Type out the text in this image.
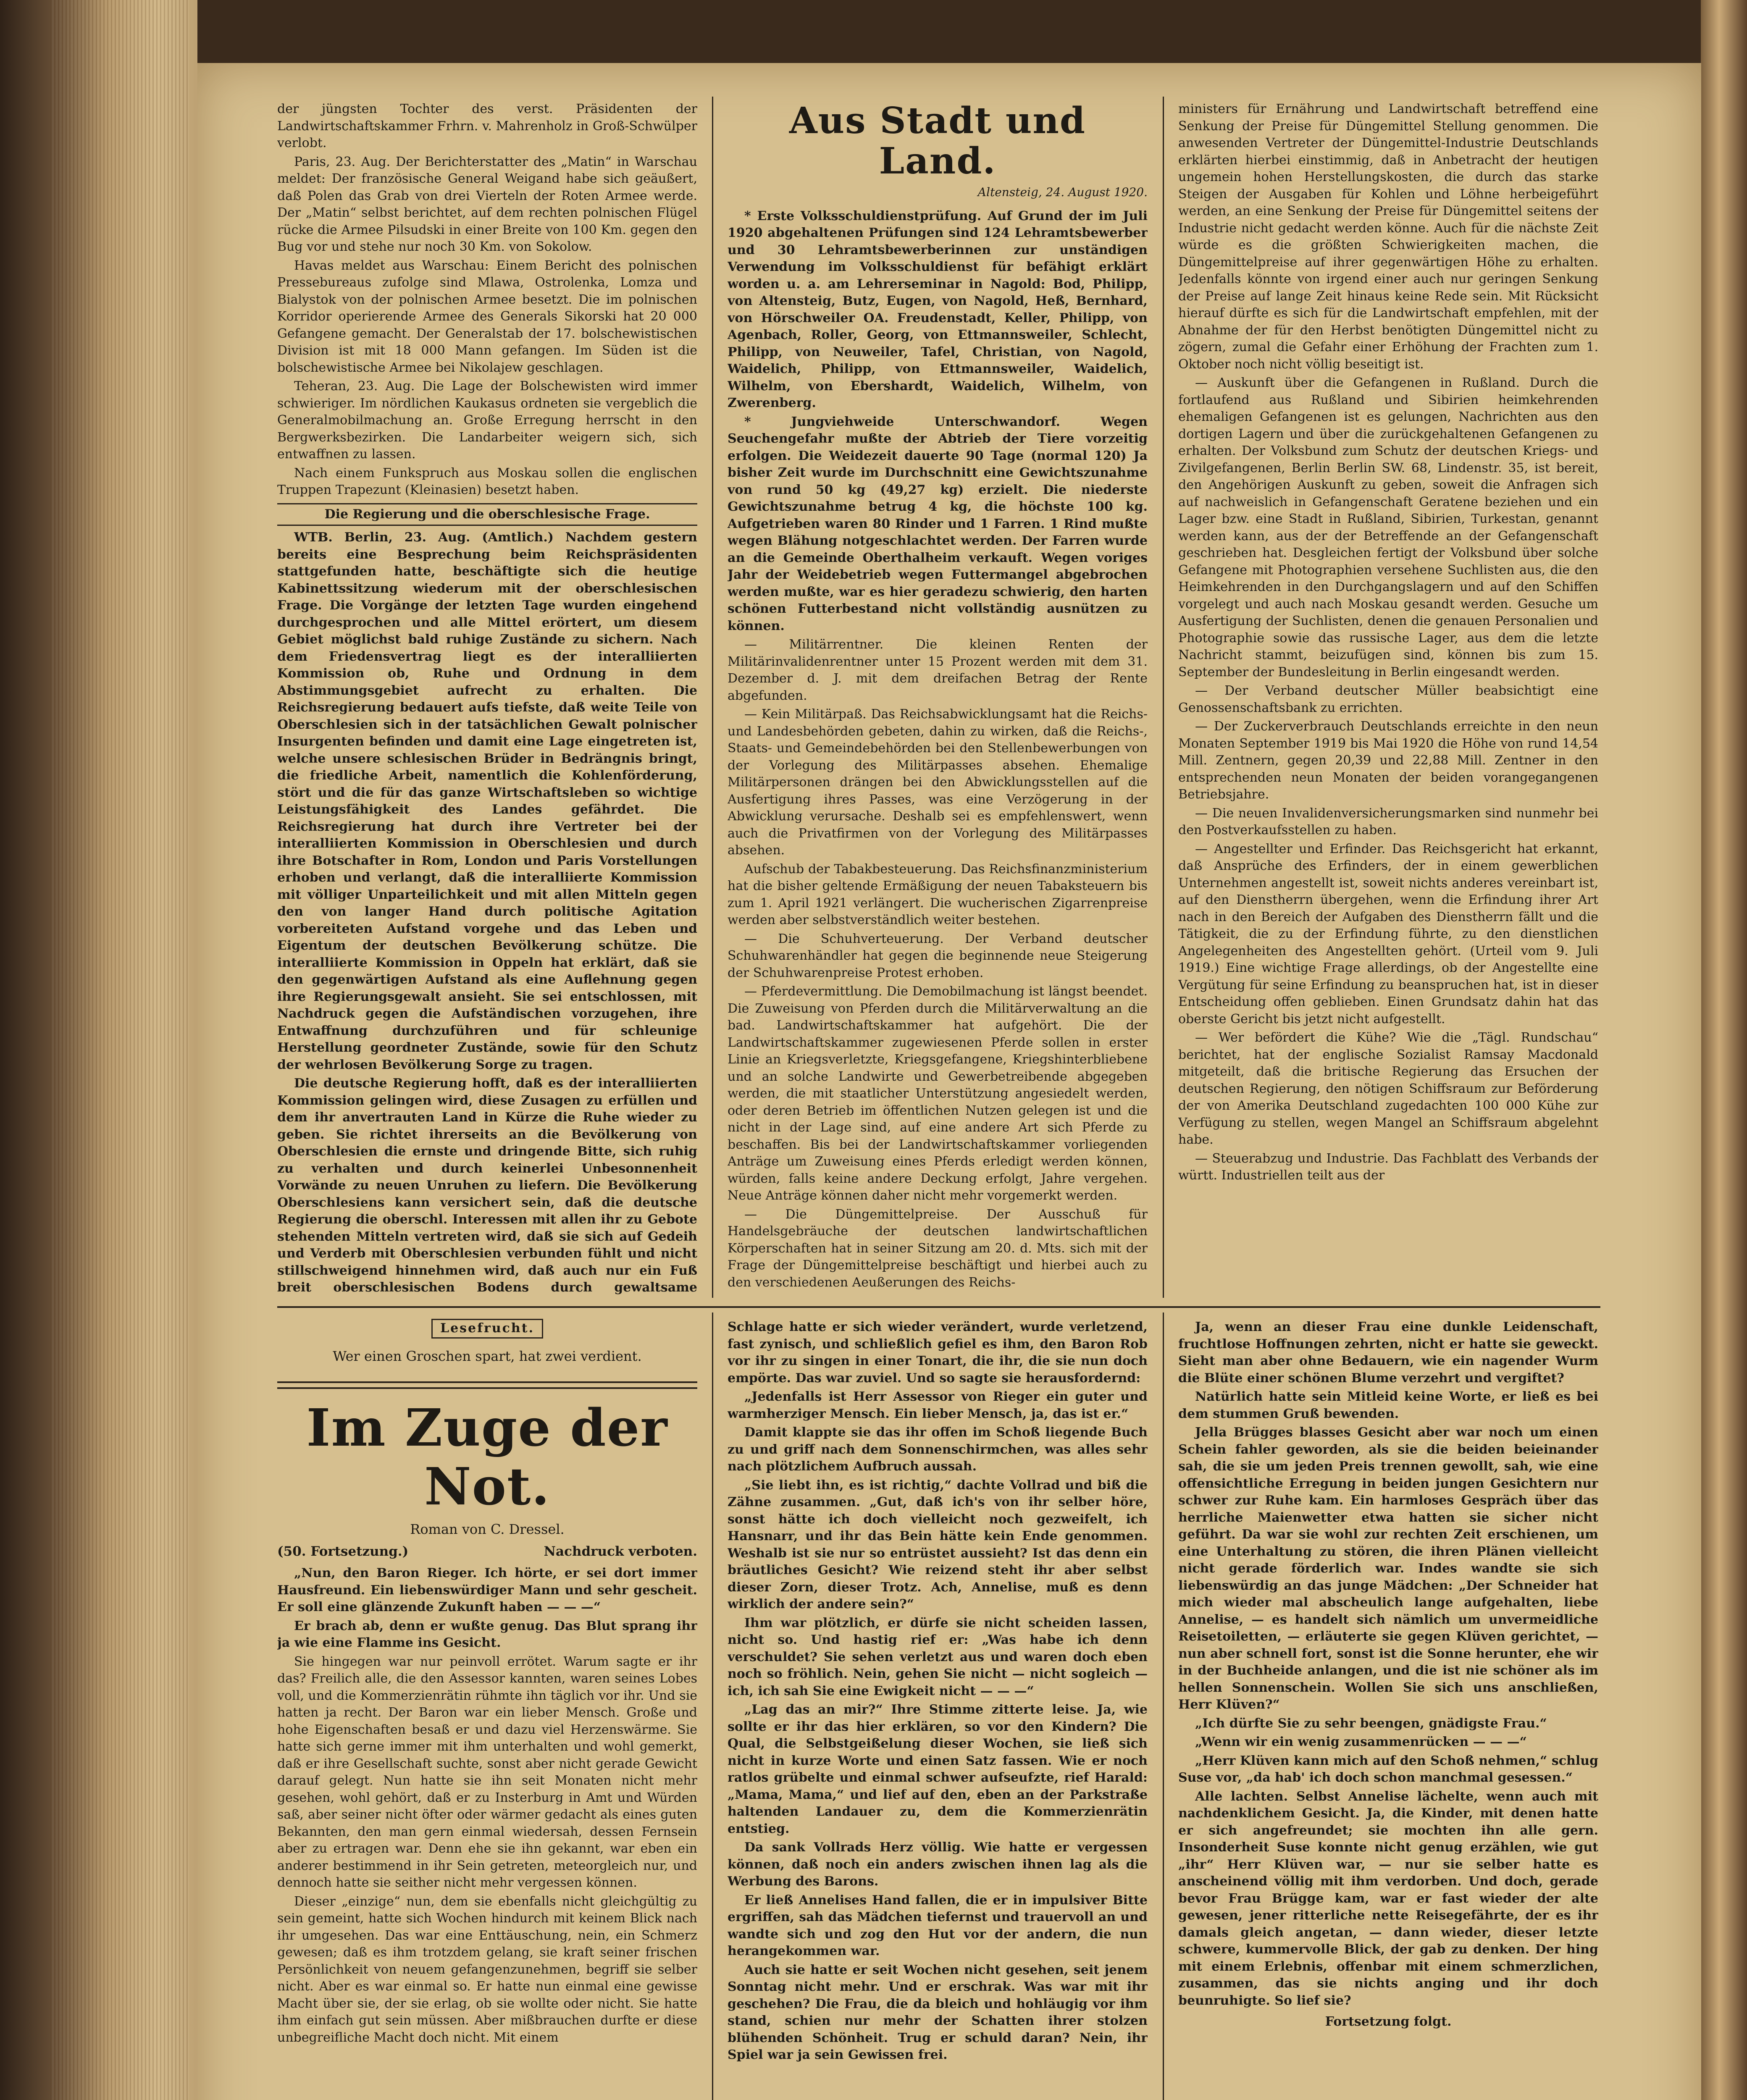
der jüngsten Tochter des verst. Präsidenten der Landwirtschaftskammer Frhrn. v. Mahrenholz in Groß-Schwülper verlobt.

Paris, 23. Aug. Der Berichterstatter des „Matin“ in Warschau meldet: Der französische General Weigand habe sich geäußert, daß Polen das Grab von drei Vierteln der Roten Armee werde. Der „Matin“ selbst berichtet, auf dem rechten polnischen Flügel rücke die Armee Pilsudski in einer Breite von 100 Km. gegen den Bug vor und stehe nur noch 30 Km. von Sokolow.

Havas meldet aus Warschau: Einem Bericht des polnischen Pressebureaus zufolge sind Mlawa, Ostrolenka, Lomza und Bialystok von der polnischen Armee besetzt. Die im polnischen Korridor operierende Armee des Generals Sikorski hat 20 000 Gefangene gemacht. Der Generalstab der 17. bolschewistischen Division ist mit 18 000 Mann gefangen. Im Süden ist die bolschewistische Armee bei Nikolajew geschlagen.

Teheran, 23. Aug. Die Lage der Bolschewisten wird immer schwieriger. Im nördlichen Kaukasus ordneten sie vergeblich die Generalmobilmachung an. Große Erregung herrscht in den Bergwerksbezirken. Die Landarbeiter weigern sich, sich entwaffnen zu lassen.

Nach einem Funkspruch aus Moskau sollen die englischen Truppen Trapezunt (Kleinasien) besetzt haben.

Die Regierung und die oberschlesische Frage.

WTB. Berlin, 23. Aug. (Amtlich.) Nachdem gestern bereits eine Besprechung beim Reichspräsidenten stattgefunden hatte, beschäftigte sich die heutige Kabinettssitzung wiederum mit der oberschlesischen Frage. Die Vorgänge der letzten Tage wurden eingehend durchgesprochen und alle Mittel erörtert, um diesem Gebiet möglichst bald ruhige Zustände zu sichern. Nach dem Friedensvertrag liegt es der interalliierten Kommission ob, Ruhe und Ordnung in dem Abstimmungsgebiet aufrecht zu erhalten. Die Reichsregierung bedauert aufs tiefste, daß weite Teile von Oberschlesien sich in der tatsächlichen Gewalt polnischer Insurgenten befinden und damit eine Lage eingetreten ist, welche unsere schlesischen Brüder in Bedrängnis bringt, die friedliche Arbeit, namentlich die Kohlenförderung, stört und die für das ganze Wirtschaftsleben so wichtige Leistungsfähigkeit des Landes gefährdet. Die Reichsregierung hat durch ihre Vertreter bei der interalliierten Kommission in Oberschlesien und durch ihre Botschafter in Rom, London und Paris Vorstellungen erhoben und verlangt, daß die interalliierte Kommission mit völliger Unparteilichkeit und mit allen Mitteln gegen den von langer Hand durch politische Agitation vorbereiteten Aufstand vorgehe und das Leben und Eigentum der deutschen Bevölkerung schütze. Die interalliierte Kommission in Oppeln hat erklärt, daß sie den gegenwärtigen Aufstand als eine Auflehnung gegen ihre Regierungsgewalt ansieht. Sie sei entschlossen, mit Nachdruck gegen die Aufständischen vorzugehen, ihre Entwaffnung durchzuführen und für schleunige Herstellung geordneter Zustände, sowie für den Schutz der wehrlosen Bevölkerung Sorge zu tragen.

Die deutsche Regierung hofft, daß es der interalliierten Kommission gelingen wird, diese Zusagen zu erfüllen und dem ihr anvertrauten Land in Kürze die Ruhe wieder zu geben. Sie richtet ihrerseits an die Bevölkerung von Oberschlesien die ernste und dringende Bitte, sich ruhig zu verhalten und durch keinerlei Unbesonnenheit Vorwände zu neuen Unruhen zu liefern. Die Bevölkerung Oberschlesiens kann versichert sein, daß die deutsche Regierung die oberschl. Interessen mit allen ihr zu Gebote stehenden Mitteln vertreten wird, daß sie sich auf Gedeih und Verderb mit Oberschlesien verbunden fühlt und nicht stillschweigend hinnehmen wird, daß auch nur ein Fuß breit oberschlesischen Bodens durch gewaltsame

Aus Stadt und Land.
Altensteig, 24. August 1920.

* Erste Volksschuldienstprüfung. Auf Grund der im Juli 1920 abgehaltenen Prüfungen sind 124 Lehramtsbewerber und 30 Lehramtsbewerberinnen zur unständigen Verwendung im Volksschuldienst für befähigt erklärt worden u. a. am Lehrerseminar in Nagold: Bod, Philipp, von Altensteig, Butz, Eugen, von Nagold, Heß, Bernhard, von Hörschweiler OA. Freudenstadt, Keller, Philipp, von Agenbach, Roller, Georg, von Ettmannsweiler, Schlecht, Philipp, von Neuweiler, Tafel, Christian, von Nagold, Waidelich, Philipp, von Ettmannsweiler, Waidelich, Wilhelm, von Ebershardt, Waidelich, Wilhelm, von Zwerenberg.

* Jungviehweide Unterschwandorf. Wegen Seuchengefahr mußte der Abtrieb der Tiere vorzeitig erfolgen. Die Weidezeit dauerte 90 Tage (normal 120) Ja bisher Zeit wurde im Durchschnitt eine Gewichtszunahme von rund 50 kg (49,27 kg) erzielt. Die niederste Gewichtszunahme betrug 4 kg, die höchste 100 kg. Aufgetrieben waren 80 Rinder und 1 Farren. 1 Rind mußte wegen Blähung notgeschlachtet werden. Der Farren wurde an die Gemeinde Oberthalheim verkauft. Wegen voriges Jahr der Weidebetrieb wegen Futtermangel abgebrochen werden mußte, war es hier geradezu schwierig, den harten schönen Futterbestand nicht vollständig ausnützen zu können.

— Militärrentner. Die kleinen Renten der Militärinvalidenrentner unter 15 Prozent werden mit dem 31. Dezember d. J. mit dem dreifachen Betrag der Rente abgefunden.

— Kein Militärpaß. Das Reichsabwicklungsamt hat die Reichs- und Landesbehörden gebeten, dahin zu wirken, daß die Reichs-, Staats- und Gemeindebehörden bei den Stellenbewerbungen von der Vorlegung des Militärpasses absehen. Ehemalige Militärpersonen drängen bei den Abwicklungsstellen auf die Ausfertigung ihres Passes, was eine Verzögerung in der Abwicklung verursache. Deshalb sei es empfehlenswert, wenn auch die Privatfirmen von der Vorlegung des Militärpasses absehen.

Aufschub der Tabakbesteuerung. Das Reichsfinanzministerium hat die bisher geltende Ermäßigung der neuen Tabaksteuern bis zum 1. April 1921 verlängert. Die wucherischen Zigarrenpreise werden aber selbstverständlich weiter bestehen.

— Die Schuhverteuerung. Der Verband deutscher Schuhwarenhändler hat gegen die beginnende neue Steigerung der Schuhwarenpreise Protest erhoben.

— Pferdevermittlung. Die Demobilmachung ist längst beendet. Die Zuweisung von Pferden durch die Militärverwaltung an die bad. Landwirtschaftskammer hat aufgehört. Die der Landwirtschaftskammer zugewiesenen Pferde sollen in erster Linie an Kriegsverletzte, Kriegsgefangene, Kriegshinterbliebene und an solche Landwirte und Gewerbetreibende abgegeben werden, die mit staatlicher Unterstützung angesiedelt werden, oder deren Betrieb im öffentlichen Nutzen gelegen ist und die nicht in der Lage sind, auf eine andere Art sich Pferde zu beschaffen. Bis bei der Landwirtschaftskammer vorliegenden Anträge um Zuweisung eines Pferds erledigt werden können, würden, falls keine andere Deckung erfolgt, Jahre vergehen. Neue Anträge können daher nicht mehr vorgemerkt werden.

— Die Düngemittelpreise. Der Ausschuß für Handelsgebräuche der deutschen landwirtschaftlichen Körperschaften hat in seiner Sitzung am 20. d. Mts. sich mit der Frage der Düngemittelpreise beschäftigt und hierbei auch zu den verschiedenen Aeußerungen des Reichs-

ministers für Ernährung und Landwirtschaft betreffend eine Senkung der Preise für Düngemittel Stellung genommen. Die anwesenden Vertreter der Düngemittel-Industrie Deutschlands erklärten hierbei einstimmig, daß in Anbetracht der heutigen ungemein hohen Herstellungskosten, die durch das starke Steigen der Ausgaben für Kohlen und Löhne herbeigeführt werden, an eine Senkung der Preise für Düngemittel seitens der Industrie nicht gedacht werden könne. Auch für die nächste Zeit würde es die größten Schwierigkeiten machen, die Düngemittelpreise auf ihrer gegenwärtigen Höhe zu erhalten. Jedenfalls könnte von irgend einer auch nur geringen Senkung der Preise auf lange Zeit hinaus keine Rede sein. Mit Rücksicht hierauf dürfte es sich für die Landwirtschaft empfehlen, mit der Abnahme der für den Herbst benötigten Düngemittel nicht zu zögern, zumal die Gefahr einer Erhöhung der Frachten zum 1. Oktober noch nicht völlig beseitigt ist.

— Auskunft über die Gefangenen in Rußland. Durch die fortlaufend aus Rußland und Sibirien heimkehrenden ehemaligen Gefangenen ist es gelungen, Nachrichten aus den dortigen Lagern und über die zurückgehaltenen Gefangenen zu erhalten. Der Volksbund zum Schutz der deutschen Kriegs- und Zivilgefangenen, Berlin Berlin SW. 68, Lindenstr. 35, ist bereit, den Angehörigen Auskunft zu geben, soweit die Anfragen sich auf nachweislich in Gefangenschaft Geratene beziehen und ein Lager bzw. eine Stadt in Rußland, Sibirien, Turkestan, genannt werden kann, aus der der Betreffende an der Gefangenschaft geschrieben hat. Desgleichen fertigt der Volksbund über solche Gefangene mit Photographien versehene Suchlisten aus, die den Heimkehrenden in den Durchgangslagern und auf den Schiffen vorgelegt und auch nach Moskau gesandt werden. Gesuche um Ausfertigung der Suchlisten, denen die genauen Personalien und Photographie sowie das russische Lager, aus dem die letzte Nachricht stammt, beizufügen sind, können bis zum 15. September der Bundesleitung in Berlin eingesandt werden.

— Der Verband deutscher Müller beabsichtigt eine Genossenschaftsbank zu errichten.

— Der Zuckerverbrauch Deutschlands erreichte in den neun Monaten September 1919 bis Mai 1920 die Höhe von rund 14,54 Mill. Zentnern, gegen 20,39 und 22,88 Mill. Zentner in den entsprechenden neun Monaten der beiden vorangegangenen Betriebsjahre.

— Die neuen Invalidenversicherungsmarken sind nunmehr bei den Postverkaufsstellen zu haben.

— Angestellter und Erfinder. Das Reichsgericht hat erkannt, daß Ansprüche des Erfinders, der in einem gewerblichen Unternehmen angestellt ist, soweit nichts anderes vereinbart ist, auf den Dienstherrn übergehen, wenn die Erfindung ihrer Art nach in den Bereich der Aufgaben des Dienstherrn fällt und die Tätigkeit, die zu der Erfindung führte, zu den dienstlichen Angelegenheiten des Angestellten gehört. (Urteil vom 9. Juli 1919.) Eine wichtige Frage allerdings, ob der Angestellte eine Vergütung für seine Erfindung zu beanspruchen hat, ist in dieser Entscheidung offen geblieben. Einen Grundsatz dahin hat das oberste Gericht bis jetzt nicht aufgestellt.

— Wer befördert die Kühe? Wie die „Tägl. Rundschau“ berichtet, hat der englische Sozialist Ramsay Macdonald mitgeteilt, daß die britische Regierung das Ersuchen der deutschen Regierung, den nötigen Schiffsraum zur Beförderung der von Amerika Deutschland zugedachten 100 000 Kühe zur Verfügung zu stellen, wegen Mangel an Schiffsraum abgelehnt habe.

— Steuerabzug und Industrie. Das Fachblatt des Verbands der württ. Industriellen teilt aus der

Lesefrucht.
Wer einen Groschen spart, hat zwei verdient.
Im Zuge der Not.
Roman von C. Dressel.
(50. Fortsetzung.)	Nachdruck verboten.

„Nun, den Baron Rieger. Ich hörte, er sei dort immer Hausfreund. Ein liebenswürdiger Mann und sehr gescheit. Er soll eine glänzende Zukunft haben — — —“

Er brach ab, denn er wußte genug. Das Blut sprang ihr ja wie eine Flamme ins Gesicht.

Sie hingegen war nur peinvoll errötet. Warum sagte er ihr das? Freilich alle, die den Assessor kannten, waren seines Lobes voll, und die Kommerzienrätin rühmte ihn täglich vor ihr. Und sie hatten ja recht. Der Baron war ein lieber Mensch. Große und hohe Eigenschaften besaß er und dazu viel Herzenswärme. Sie hatte sich gerne immer mit ihm unterhalten und wohl gemerkt, daß er ihre Gesellschaft suchte, sonst aber nicht gerade Gewicht darauf gelegt. Nun hatte sie ihn seit Monaten nicht mehr gesehen, wohl gehört, daß er zu Insterburg in Amt und Würden saß, aber seiner nicht öfter oder wärmer gedacht als eines guten Bekannten, den man gern einmal wiedersah, dessen Fernsein aber zu ertragen war. Denn ehe sie ihn gekannt, war eben ein anderer bestimmend in ihr Sein getreten, meteorgleich nur, und dennoch hatte sie seither nicht mehr vergessen können.

Dieser „einzige“ nun, dem sie ebenfalls nicht gleichgültig zu sein gemeint, hatte sich Wochen hindurch mit keinem Blick nach ihr umgesehen. Das war eine Enttäuschung, nein, ein Schmerz gewesen; daß es ihm trotzdem gelang, sie kraft seiner frischen Persönlichkeit von neuem gefangenzunehmen, begriff sie selber nicht. Aber es war einmal so. Er hatte nun einmal eine gewisse Macht über sie, der sie erlag, ob sie wollte oder nicht. Sie hatte ihm einfach gut sein müssen. Aber mißbrauchen durfte er diese unbegreifliche Macht doch nicht. Mit einem

Schlage hatte er sich wieder verändert, wurde verletzend, fast zynisch, und schließlich gefiel es ihm, den Baron Rob vor ihr zu singen in einer Tonart, die ihr, die sie nun doch empörte. Das war zuviel. Und so sagte sie herausfordernd:

„Jedenfalls ist Herr Assessor von Rieger ein guter und warmherziger Mensch. Ein lieber Mensch, ja, das ist er.“

Damit klappte sie das ihr offen im Schoß liegende Buch zu und griff nach dem Sonnenschirmchen, was alles sehr nach plötzlichem Aufbruch aussah.

„Sie liebt ihn, es ist richtig,“ dachte Vollrad und biß die Zähne zusammen. „Gut, daß ich's von ihr selber höre, sonst hätte ich doch vielleicht noch gezweifelt, ich Hansnarr, und ihr das Bein hätte kein Ende genommen. Weshalb ist sie nur so entrüstet aussieht? Ist das denn ein bräutliches Gesicht? Wie reizend steht ihr aber selbst dieser Zorn, dieser Trotz. Ach, Annelise, muß es denn wirklich der andere sein?“

Ihm war plötzlich, er dürfe sie nicht scheiden lassen, nicht so. Und hastig rief er: „Was habe ich denn verschuldet? Sie sehen verletzt aus und waren doch eben noch so fröhlich. Nein, gehen Sie nicht — nicht sogleich — ich, ich sah Sie eine Ewigkeit nicht — — —“

„Lag das an mir?“ Ihre Stimme zitterte leise. Ja, wie sollte er ihr das hier erklären, so vor den Kindern? Die Qual, die Selbstgeißelung dieser Wochen, sie ließ sich nicht in kurze Worte und einen Satz fassen. Wie er noch ratlos grübelte und einmal schwer aufseufzte, rief Harald: „Mama, Mama,“ und lief auf den, eben an der Parkstraße haltenden Landauer zu, dem die Kommerzienrätin entstieg.

Da sank Vollrads Herz völlig. Wie hatte er vergessen können, daß noch ein anders zwischen ihnen lag als die Werbung des Barons.

Er ließ Annelises Hand fallen, die er in impulsiver Bitte ergriffen, sah das Mädchen tiefernst und trauervoll an und wandte sich und zog den Hut vor der andern, die nun herangekommen war.

Auch sie hatte er seit Wochen nicht gesehen, seit jenem Sonntag nicht mehr. Und er erschrak. Was war mit ihr geschehen? Die Frau, die da bleich und hohläugig vor ihm stand, schien nur mehr der Schatten ihrer stolzen blühenden Schönheit. Trug er schuld daran? Nein, ihr Spiel war ja sein Gewissen frei.

Ja, wenn an dieser Frau eine dunkle Leidenschaft, fruchtlose Hoffnungen zehrten, nicht er hatte sie geweckt. Sieht man aber ohne Bedauern, wie ein nagender Wurm die Blüte einer schönen Blume verzehrt und vergiftet?

Natürlich hatte sein Mitleid keine Worte, er ließ es bei dem stummen Gruß bewenden.

Jella Brügges blasses Gesicht aber war noch um einen Schein fahler geworden, als sie die beiden beieinander sah, die sie um jeden Preis trennen gewollt, sah, wie eine offensichtliche Erregung in beiden jungen Gesichtern nur schwer zur Ruhe kam. Ein harmloses Gespräch über das herrliche Maienwetter etwa hatten sie sicher nicht geführt. Da war sie wohl zur rechten Zeit erschienen, um eine Unterhaltung zu stören, die ihren Plänen vielleicht nicht gerade förderlich war. Indes wandte sie sich liebenswürdig an das junge Mädchen: „Der Schneider hat mich wieder mal abscheulich lange aufgehalten, liebe Annelise, — es handelt sich nämlich um unvermeidliche Reisetoiletten, — erläuterte sie gegen Klüven gerichtet, — nun aber schnell fort, sonst ist die Sonne herunter, ehe wir in der Buchheide anlangen, und die ist nie schöner als im hellen Sonnenschein. Wollen Sie sich uns anschließen, Herr Klüven?“

„Ich dürfte Sie zu sehr beengen, gnädigste Frau.“

„Wenn wir ein wenig zusammenrücken — — —“

„Herr Klüven kann mich auf den Schoß nehmen,“ schlug Suse vor, „da hab' ich doch schon manchmal gesessen.“

Alle lachten. Selbst Annelise lächelte, wenn auch mit nachdenklichem Gesicht. Ja, die Kinder, mit denen hatte er sich angefreundet; sie mochten ihn alle gern. Insonderheit Suse konnte nicht genug erzählen, wie gut „ihr“ Herr Klüven war, — nur sie selber hatte es anscheinend völlig mit ihm verdorben. Und doch, gerade bevor Frau Brügge kam, war er fast wieder der alte gewesen, jener ritterliche nette Reisegefährte, der es ihr damals gleich angetan, — dann wieder, dieser letzte schwere, kummervolle Blick, der gab zu denken. Der hing mit einem Erlebnis, offenbar mit einem schmerzlichen, zusammen, das sie nichts anging und ihr doch beunruhigte. So lief sie?

Fortsetzung folgt.
